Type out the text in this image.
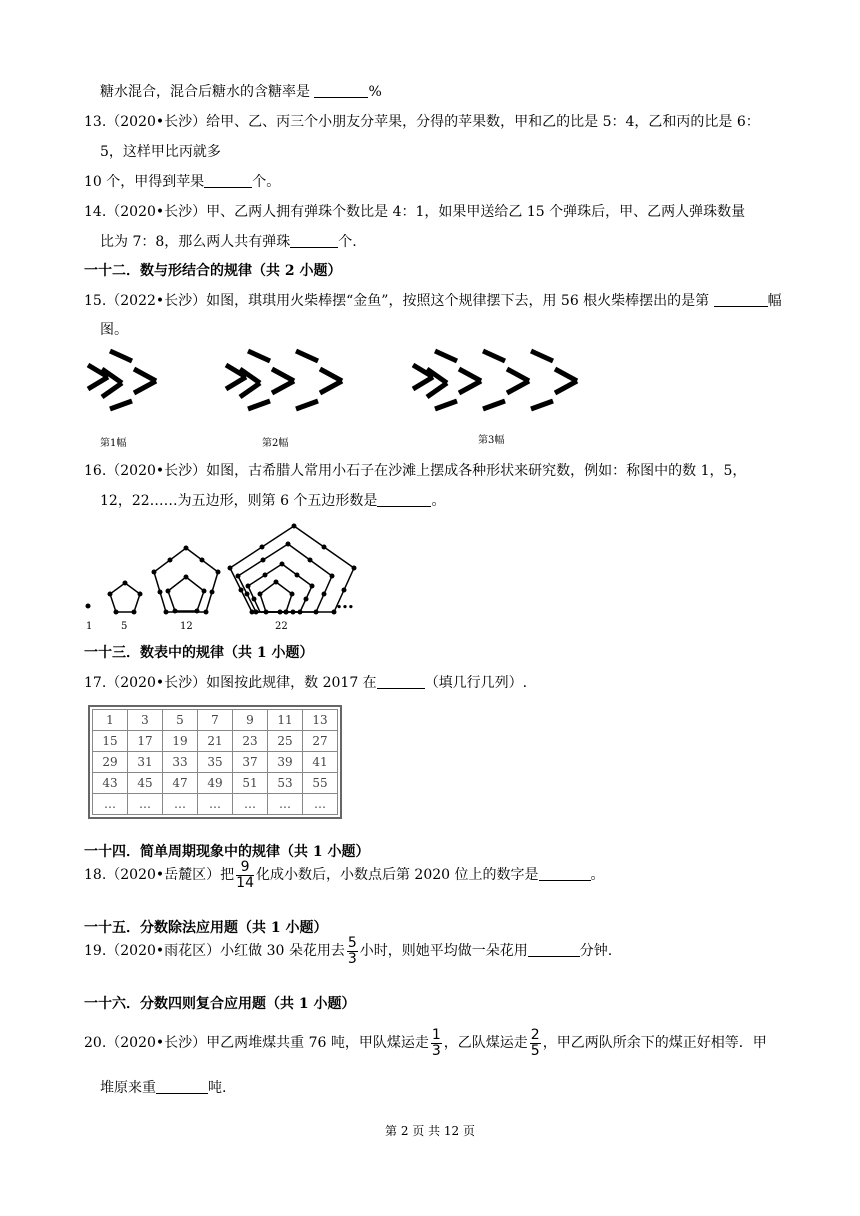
糖水混合，混合后糖水的含糖率是	%
13.（2020•长沙）给甲、乙、丙三个小朋友分苹果，分得的苹果数，甲和乙的比是 5：4，乙和丙的比是 6：
5，这样甲比丙就多
10 个，甲得到苹果	个。
14.（2020•长沙）甲、乙两人拥有弹珠个数比是 4：1，如果甲送给乙 15 个弹珠后，甲、乙两人弹珠数量
比为 7：8，那么两人共有弹珠	个.
一十二．数与形结合的规律（共 2 小题）
15.（2022•长沙）如图，琪琪用火柴棒摆“金鱼”，按照这个规律摆下去，用 56 根火柴棒摆出的是第	幅
图。
第1幅	第2幅	第3幅
16.（2020•长沙）如图，古希腊人常用小石子在沙滩上摆成各种形状来研究数，例如：称图中的数 1，5，
12，22……为五边形，则第 6 个五边形数是	。
…
1	5	12	22
一十三．数表中的规律（共 1 小题）
17.（2020•长沙）如图按此规律，数 2017 在	（填几行几列）.
1	3	5	7	9	11	13
15	17	19	21	23	25	27
29	31	33	35	37	39	41
43	45	47	49	51	53	55
…	…	…	…	…	…	…
一十四．简单周期现象中的规律（共 1 小题）
18.（2020•岳麓区）把 $\frac{9}{14}$ 化成小数后，小数点后第 2020 位上的数字是	。
一十五．分数除法应用题（共 1 小题）
19.（2020•雨花区）小红做 30 朵花用去 $\frac{5}{3}$ 小时，则她平均做一朵花用	分钟.
一十六．分数四则复合应用题（共 1 小题）
20.（2020•长沙）甲乙两堆煤共重 76 吨，甲队煤运走 $\frac{1}{3}$ ，乙队煤运走 $\frac{2}{5}$ ，甲乙两队所余下的煤正好相等．甲
堆原来重	吨.
第 2 页 共 12 页
